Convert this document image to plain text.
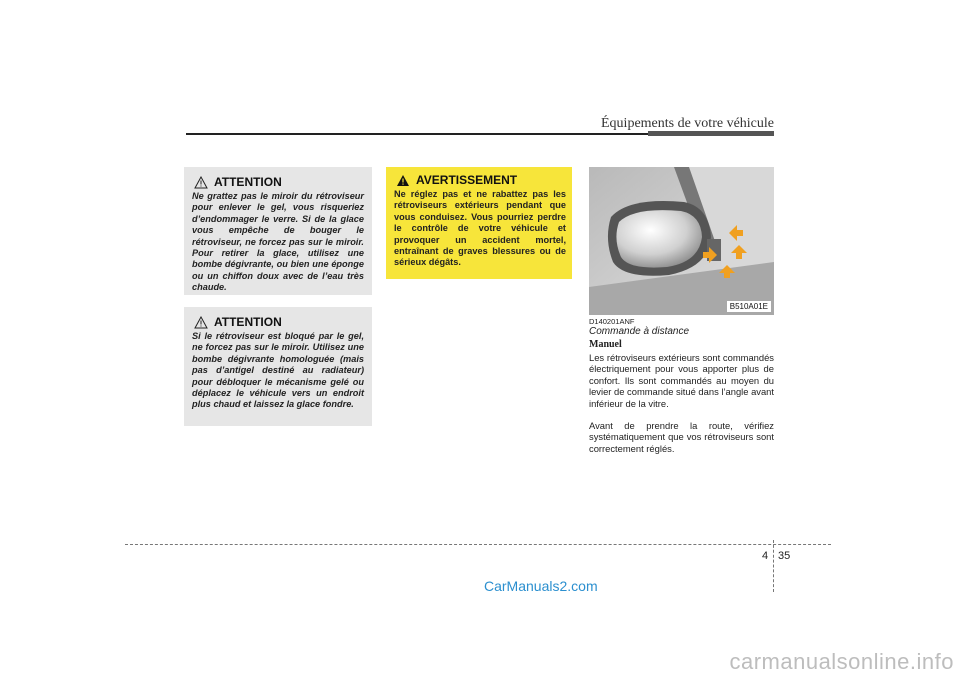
Équipements de votre véhicule
ATTENTION
Ne grattez pas le miroir du rétroviseur pour enlever le gel, vous risqueriez d’endommager le verre. Si de la glace vous empêche de bouger le rétroviseur, ne forcez pas sur le miroir. Pour retirer la glace, utilisez une bombe dégivrante, ou bien une éponge ou un chiffon doux avec de l’eau très chaude.
ATTENTION
Si le rétroviseur est bloqué par le gel, ne forcez pas sur le miroir. Utilisez une bombe dégivrante homologuée (mais pas d’antigel destiné au radiateur) pour débloquer le mécanisme gelé ou déplacez le véhicule vers un endroit plus chaud et laissez la glace fondre.
AVERTISSEMENT
Ne réglez pas et ne rabattez pas les rétroviseurs extérieurs pendant que vous conduisez. Vous pourriez perdre le contrôle de votre véhicule et provoquer un accident mortel, entraînant de graves blessures ou de sérieux dégâts.
B510A01E
D140201ANF
Commande à distance
Manuel
Les rétroviseurs extérieurs sont commandés électriquement pour vous apporter plus de confort. Ils sont commandés au moyen du levier de commande situé dans l’angle avant inférieur de la vitre.
Avant de prendre la route, vérifiez systématiquement que vos rétroviseurs sont correctement réglés.
4 35
CarManuals2.com
carmanualsonline.info
